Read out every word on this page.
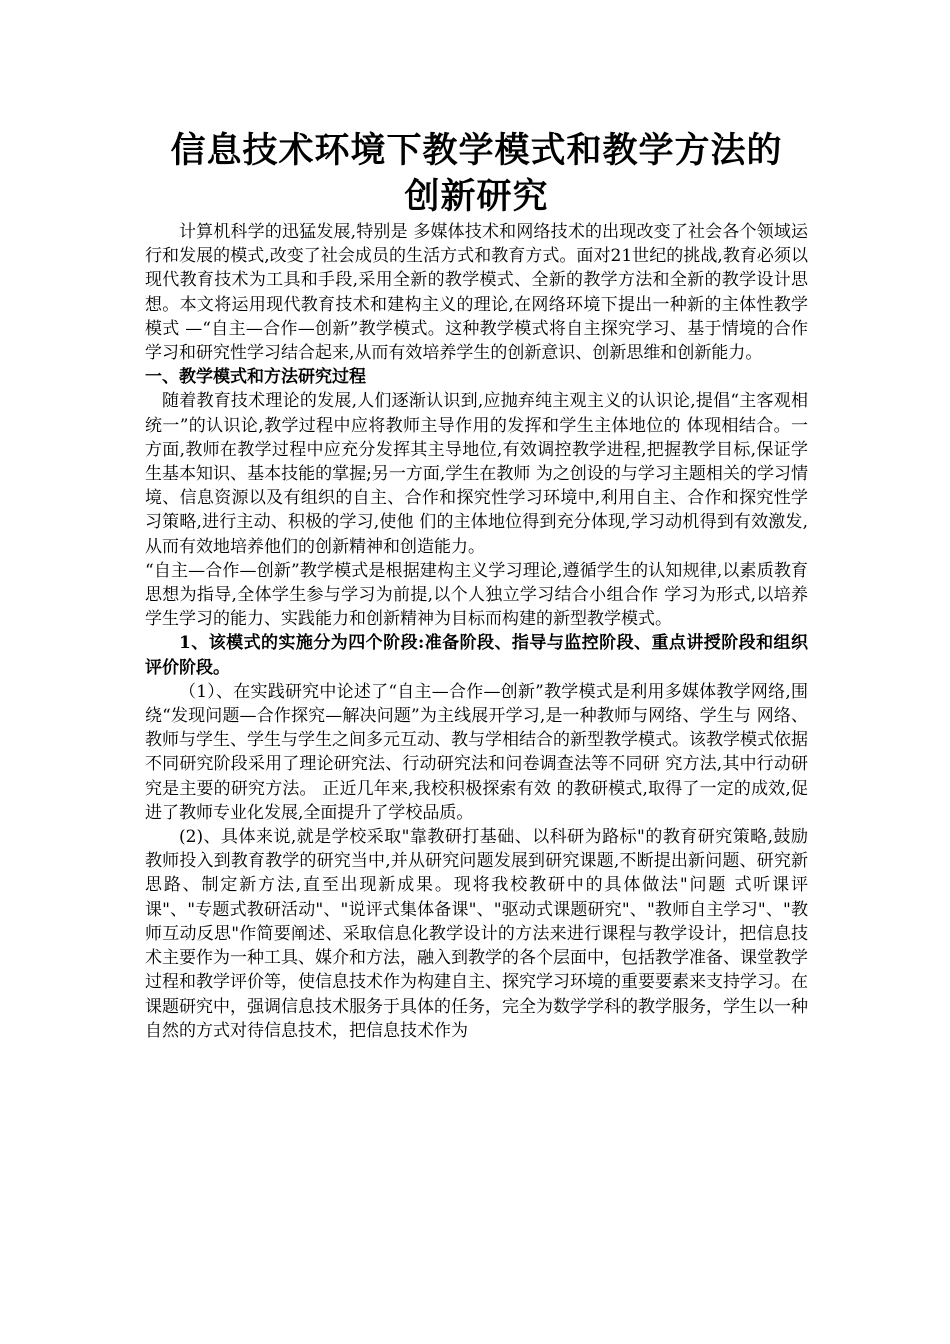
信息技术环境下教学模式和教学方法的
创新研究

计算机科学的迅猛发展,特别是 多媒体技术和网络技术的出现改变了社会各个领域运行和发展的模式,改变了社会成员的生活方式和教育方式。面对21世纪的挑战,教育必须以现代教育技术为工具和手段,采用全新的教学模式、全新的教学方法和全新的教学设计思想。本文将运用现代教育技术和建构主义的理论,在网络环境下提出一种新的主体性教学模式 —“自主—合作—创新”教学模式。这种教学模式将自主探究学习、基于情境的合作学习和研究性学习结合起来,从而有效培养学生的创新意识、创新思维和创新能力。

一、教学模式和方法研究过程

随着教育技术理论的发展,人们逐渐认识到,应抛弃纯主观主义的认识论,提倡“主客观相统一”的认识论,教学过程中应将教师主导作用的发挥和学生主体地位的 体现相结合。一方面,教师在教学过程中应充分发挥其主导地位,有效调控教学进程,把握教学目标,保证学生基本知识、基本技能的掌握;另一方面,学生在教师 为之创设的与学习主题相关的学习情境、信息资源以及有组织的自主、合作和探究性学习环境中,利用自主、合作和探究性学习策略,进行主动、积极的学习,使他 们的主体地位得到充分体现,学习动机得到有效激发,从而有效地培养他们的创新精神和创造能力。

“自主—合作—创新”教学模式是根据建构主义学习理论,遵循学生的认知规律,以素质教育思想为指导,全体学生参与学习为前提,以个人独立学习结合小组合作 学习为形式,以培养学生学习的能力、实践能力和创新精神为目标而构建的新型教学模式。

1、该模式的实施分为四个阶段:准备阶段、指导与监控阶段、重点讲授阶段和组织评价阶段。

（1）、在实践研究中论述了“自主—合作—创新”教学模式是利用多媒体教学网络,围绕“发现问题—合作探究—解决问题”为主线展开学习,是一种教师与网络、学生与 网络、教师与学生、学生与学生之间多元互动、教与学相结合的新型教学模式。该教学模式依据不同研究阶段采用了理论研究法、行动研究法和问卷调查法等不同研 究方法,其中行动研究是主要的研究方法。 正近几年来,我校积极探索有效 的教研模式,取得了一定的成效,促进了教师专业化发展,全面提升了学校品质。

(2)、具体来说,就是学校采取"靠教研打基础、以科研为路标"的教育研究策略,鼓励 教师投入到教育教学的研究当中,并从研究问题发展到研究课题,不断提出新问题、研究新思路、制定新方法,直至出现新成果。现将我校教研中的具体做法"问题 式听课评课"、"专题式教研活动"、"说评式集体备课"、"驱动式课题研究"、"教师自主学习"、"教师互动反思"作简要阐述、采取信息化教学设计的方法来进行课程与教学设计，把信息技术主要作为一种工具、媒介和方法，融入到教学的各个层面中，包括教学准备、课堂教学过程和教学评价等，使信息技术作为构建自主、探究学习环境的重要要素来支持学习。在课题研究中，强调信息技术服务于具体的任务，完全为数学学科的教学服务，学生以一种自然的方式对待信息技术，把信息技术作为
